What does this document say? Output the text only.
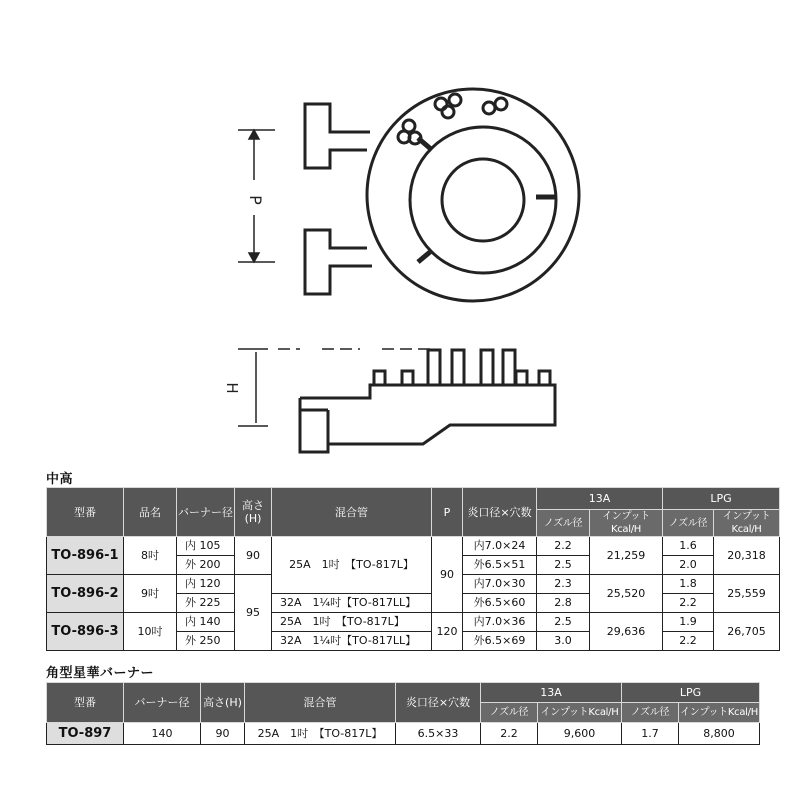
P
H
中高
型番	品名	バーナー径	高さ(H)	混合管	P	炎口径×穴数	13A		LPG	
							ノズル径	インプットKcal/H	ノズル径	インプットKcal/H
TO-896-1	8吋	内 105	90	25A　1吋　【TO-817L】	90	内7.0×24	2.2	21,259	1.6	20,318
		外 200				外6.5×51	2.5		2.0	
TO-896-2	9吋	内 120	95			内7.0×30	2.3	25,520	1.8	25,559
		外 225		32A　1¼吋【TO-817LL】		外6.5×60	2.8		2.2	
TO-896-3	10吋	内 140		25A　1吋　【TO-817L】	120	内7.0×36	2.5	29,636	1.9	26,705
		外 250		32A　1¼吋【TO-817LL】		外6.5×69	3.0		2.2	
角型星華バーナー
型番	バーナー径	高さ(H)	混合管	炎口径×穴数	13A		LPG	
					ノズル径	インプットKcal/H	ノズル径	インプットKcal/H
TO-897	140	90	25A　1吋　【TO-817L】	6.5×33	2.2	9,600	1.7	8,800
